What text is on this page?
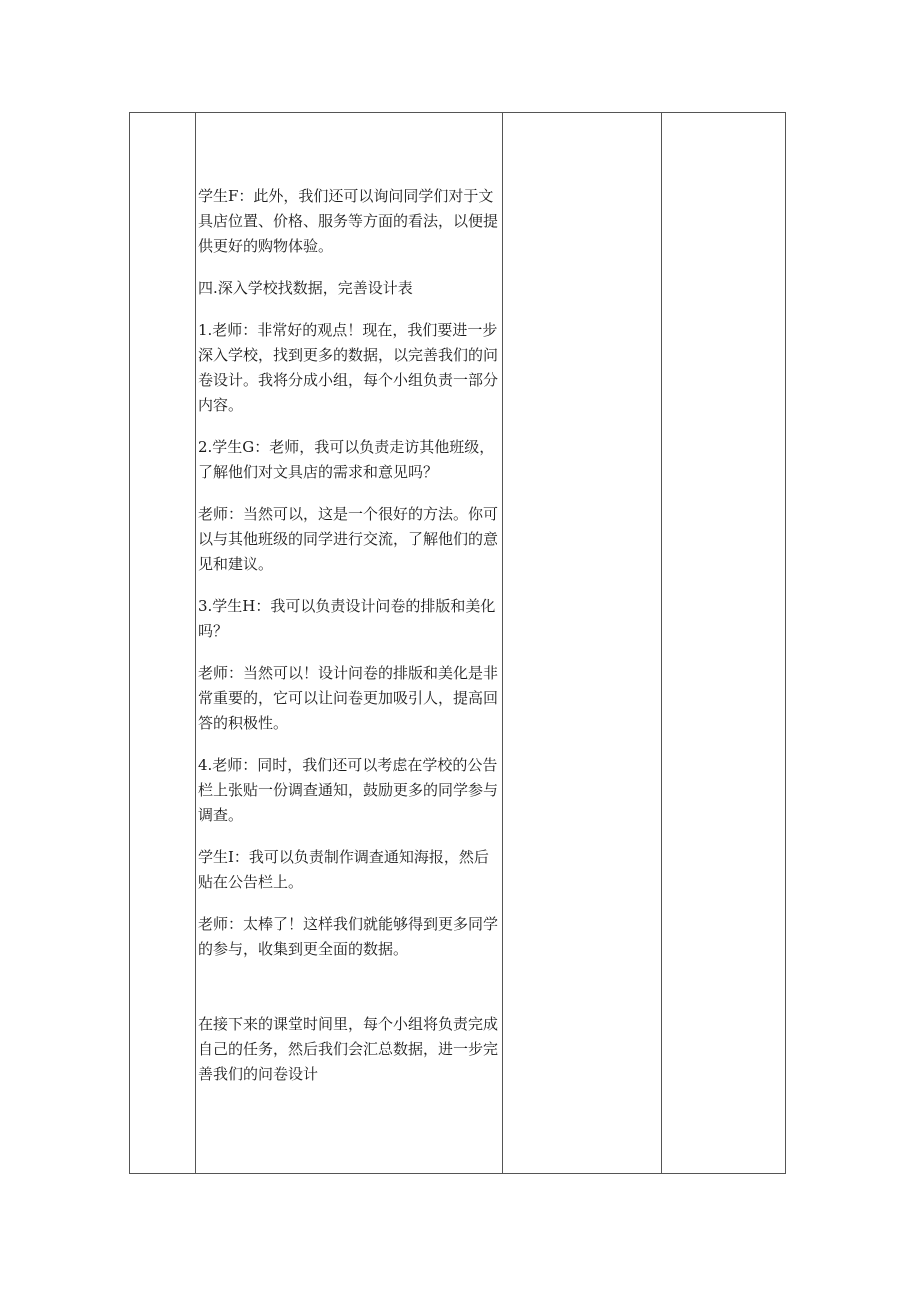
学生F：此外，我们还可以询问同学们对于文具店位置、价格、服务等方面的看法，以便提供更好的购物体验。

四.深入学校找数据，完善设计表

1.老师：非常好的观点！现在，我们要进一步深入学校，找到更多的数据，以完善我们的问卷设计。我将分成小组，每个小组负责一部分内容。

2.学生G：老师，我可以负责走访其他班级，了解他们对文具店的需求和意见吗？

老师：当然可以，这是一个很好的方法。你可以与其他班级的同学进行交流，了解他们的意见和建议。

3.学生H：我可以负责设计问卷的排版和美化吗？

老师：当然可以！设计问卷的排版和美化是非常重要的，它可以让问卷更加吸引人，提高回答的积极性。

4.老师：同时，我们还可以考虑在学校的公告栏上张贴一份调查通知，鼓励更多的同学参与调查。

学生I：我可以负责制作调查通知海报，然后贴在公告栏上。

老师：太棒了！这样我们就能够得到更多同学的参与，收集到更全面的数据。

在接下来的课堂时间里，每个小组将负责完成自己的任务，然后我们会汇总数据，进一步完善我们的问卷设计
